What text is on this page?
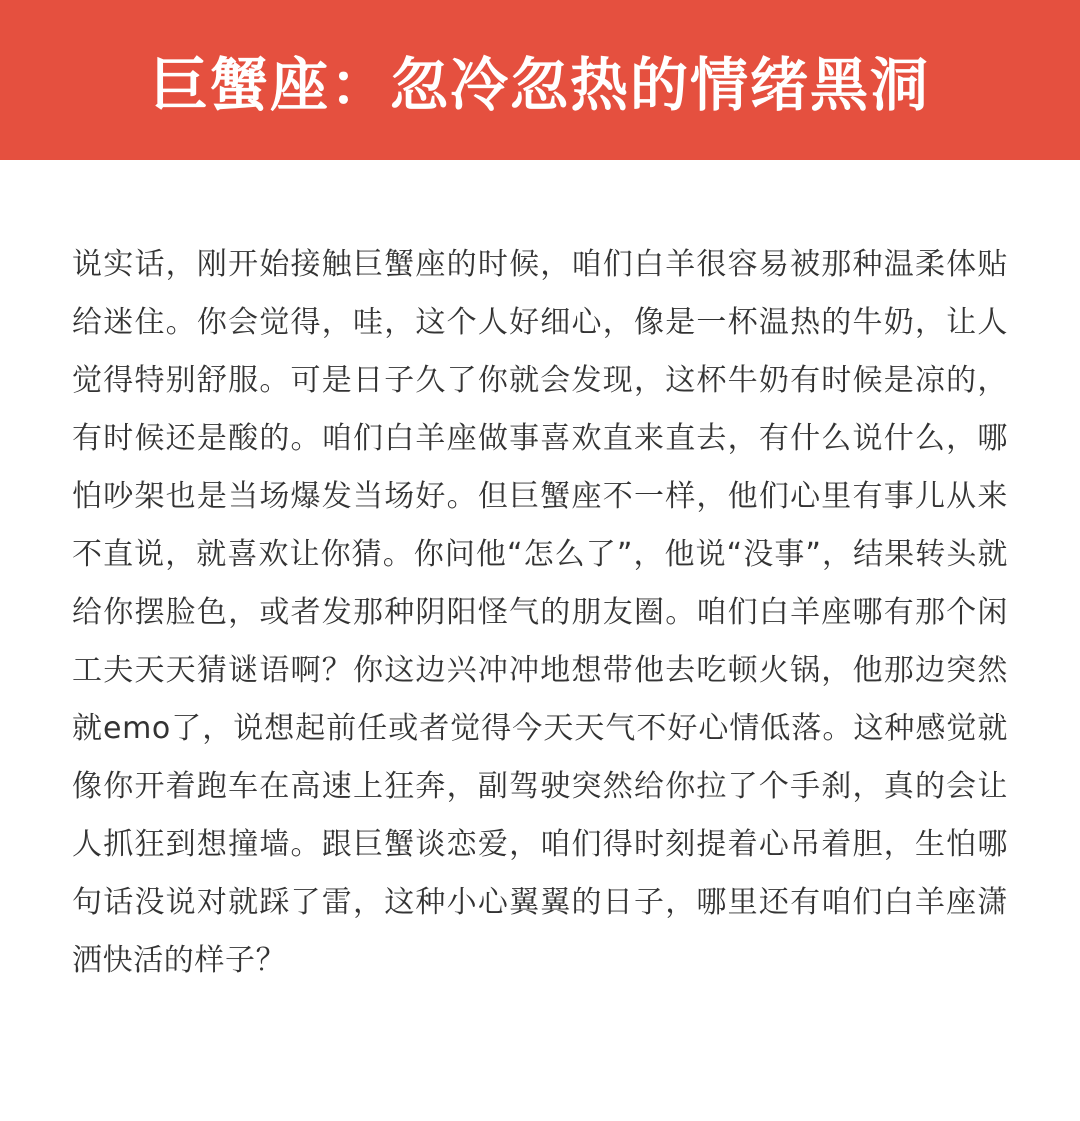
巨蟹座：忽冷忽热的情绪黑洞

说实话，刚开始接触巨蟹座的时候，咱们白羊很容易被那种温柔体贴给迷住。你会觉得，哇，这个人好细心，像是一杯温热的牛奶，让人觉得特别舒服。可是日子久了你就会发现，这杯牛奶有时候是凉的，有时候还是酸的。咱们白羊座做事喜欢直来直去，有什么说什么，哪怕吵架也是当场爆发当场好。但巨蟹座不一样，他们心里有事儿从来不直说，就喜欢让你猜。你问他“怎么了”，他说“没事”，结果转头就给你摆脸色，或者发那种阴阳怪气的朋友圈。咱们白羊座哪有那个闲工夫天天猜谜语啊？你这边兴冲冲地想带他去吃顿火锅，他那边突然就emo了，说想起前任或者觉得今天天气不好心情低落。这种感觉就像你开着跑车在高速上狂奔，副驾驶突然给你拉了个手刹，真的会让人抓狂到想撞墙。跟巨蟹谈恋爱，咱们得时刻提着心吊着胆，生怕哪句话没说对就踩了雷，这种小心翼翼的日子，哪里还有咱们白羊座潇洒快活的样子？
